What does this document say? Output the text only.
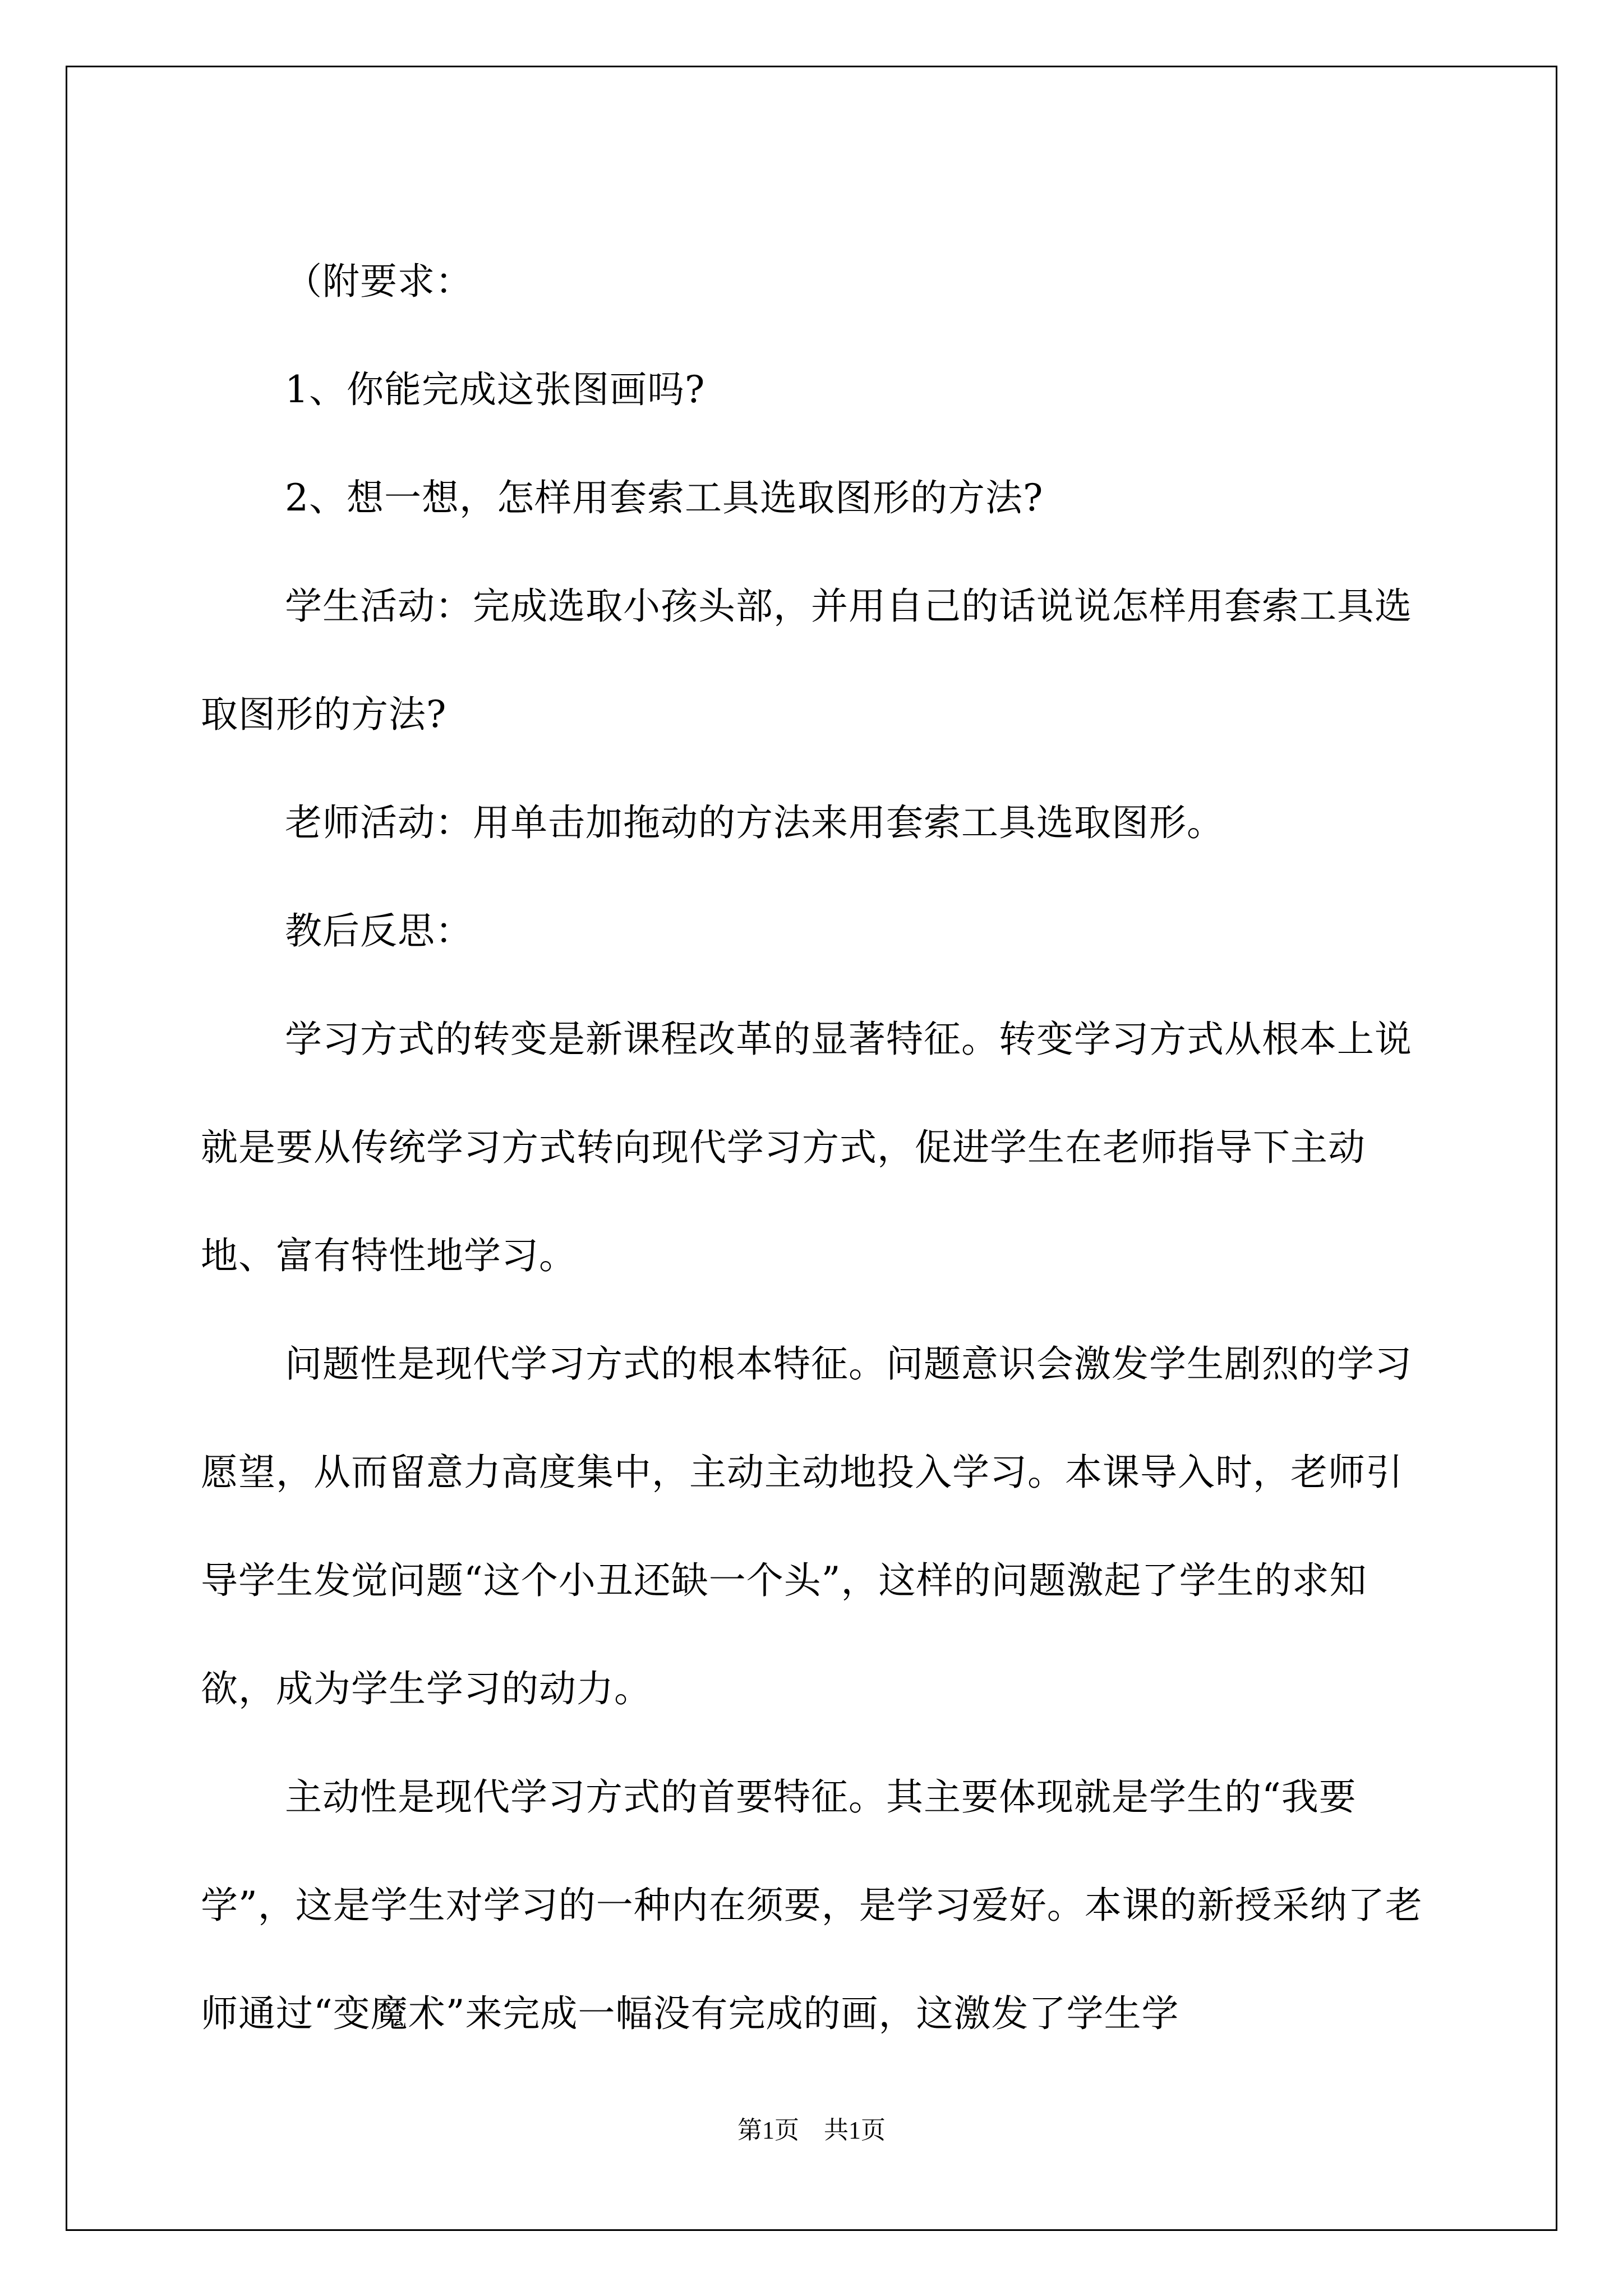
（附要求：

1、你能完成这张图画吗?

2、想一想，怎样用套索工具选取图形的方法?

学生活动：完成选取小孩头部，并用自己的话说说怎样用套索工具选取图形的方法?

老师活动：用单击加拖动的方法来用套索工具选取图形。

教后反思：

学习方式的转变是新课程改革的显著特征。转变学习方式从根本上说就是要从传统学习方式转向现代学习方式，促进学生在老师指导下主动地、富有特性地学习。

问题性是现代学习方式的根本特征。问题意识会激发学生剧烈的学习愿望，从而留意力高度集中，主动主动地投入学习。本课导入时，老师引导学生发觉问题“这个小丑还缺一个头”，这样的问题激起了学生的求知欲，成为学生学习的动力。

主动性是现代学习方式的首要特征。其主要体现就是学生的“我要学”，这是学生对学习的一种内在须要，是学习爱好。本课的新授采纳了老师通过“变魔术”来完成一幅没有完成的画，这激发了学生学

第1页　共1页
